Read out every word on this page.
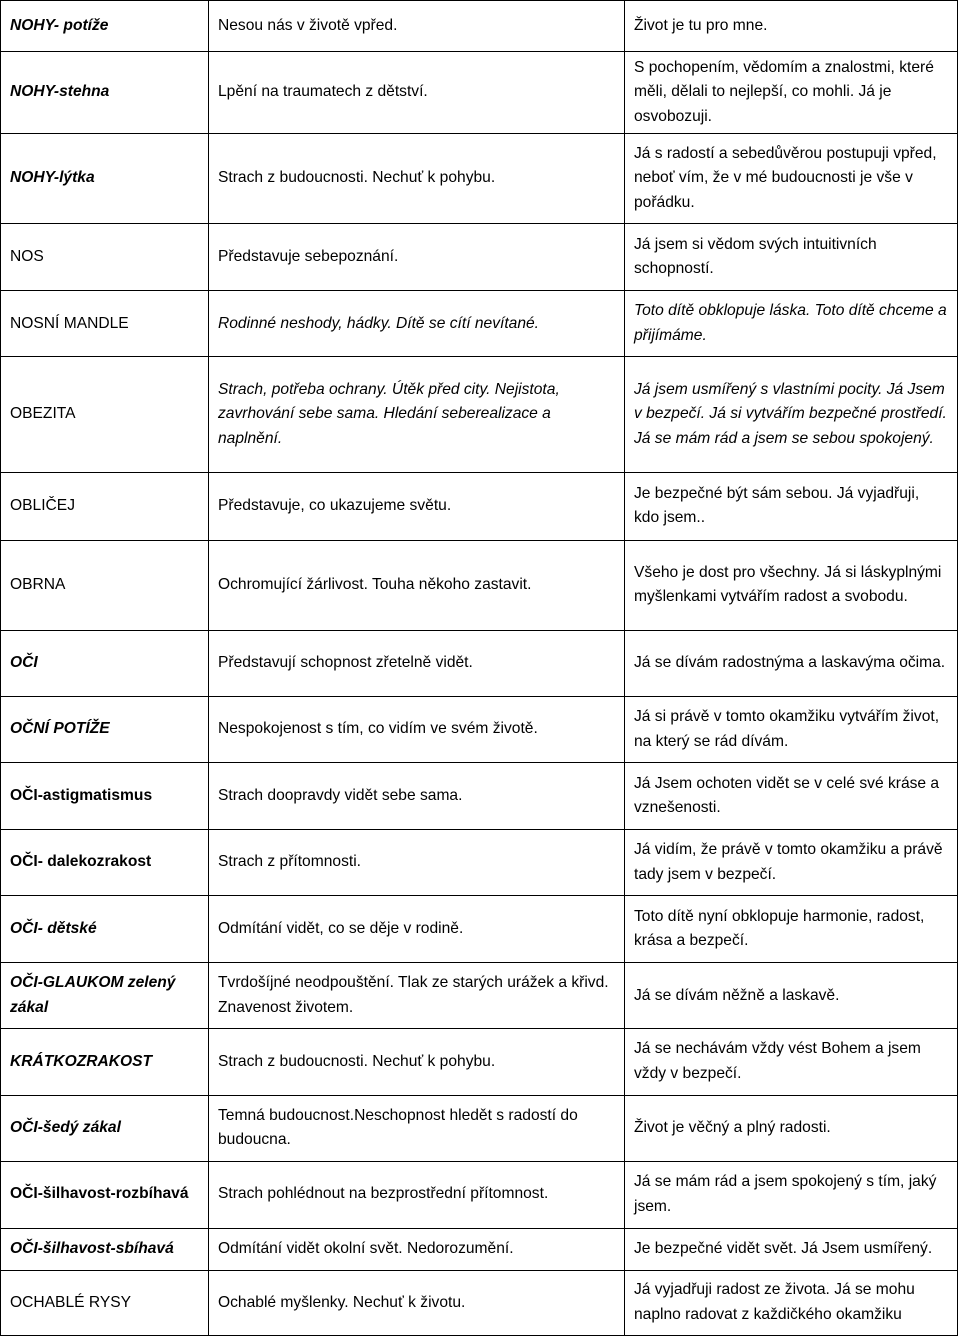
NOHY- potíže	Nesou nás v životě vpřed.	Život je tu pro mne.
NOHY-stehna	Lpění na traumatech z dětství.	S pochopením, vědomím a znalostmi, které měli, dělali to nejlepší, co mohli. Já je osvobozuji.
NOHY-lýtka	Strach z budoucnosti. Nechuť k pohybu.	Já s radostí a sebedůvěrou postupuji vpřed, neboť vím, že v mé budoucnosti je vše v pořádku.
NOS	Představuje sebepoznání.	Já jsem si vědom svých intuitivních schopností.
NOSNÍ MANDLE	Rodinné neshody, hádky. Dítě se cítí nevítané.	Toto dítě obklopuje láska. Toto dítě chceme a přijímáme.
OBEZITA	Strach, potřeba ochrany. Útěk před city. Nejistota, zavrhování sebe sama. Hledání seberealizace a naplnění.	Já jsem usmířený s vlastními pocity. Já Jsem v bezpečí. Já si vytvářím bezpečné prostředí. Já se mám rád a jsem se sebou spokojený.
OBLIČEJ	Představuje, co ukazujeme světu.	Je bezpečné být sám sebou. Já vyjadřuji, kdo jsem..
OBRNA	Ochromující žárlivost. Touha někoho zastavit.	Všeho je dost pro všechny. Já si láskyplnými myšlenkami vytvářím radost a svobodu.
OČI	Představují schopnost zřetelně vidět.	Já se dívám radostnýma a laskavýma očima.
OČNÍ POTÍŽE	Nespokojenost s tím, co vidím ve svém životě.	Já si právě v tomto okamžiku vytvářím život, na který se rád dívám.
OČI-astigmatismus	Strach doopravdy vidět sebe sama.	Já Jsem ochoten vidět se v celé své kráse a vznešenosti.
OČI- dalekozrakost	Strach z přítomnosti.	Já vidím, že právě v tomto okamžiku a právě tady jsem v bezpečí.
OČI- dětské	Odmítání vidět, co se děje v rodině.	Toto dítě nyní obklopuje harmonie, radost, krása a bezpečí.
OČI-GLAUKOM zelený zákal	Tvrdošíjné neodpouštění. Tlak ze starých urážek a křivd. Znavenost životem.	Já se dívám něžně a laskavě.
KRÁTKOZRAKOST	Strach z budoucnosti. Nechuť k pohybu.	Já se nechávám vždy vést Bohem a jsem vždy v bezpečí.
OČI-šedý zákal	Temná budoucnost.Neschopnost hledět s radostí do budoucna.	Život je věčný a plný radosti.
OČI-šilhavost-rozbíhavá	Strach pohlédnout na bezprostřední přítomnost.	Já se mám rád a jsem spokojený s tím, jaký jsem.
OČI-šilhavost-sbíhavá	Odmítání vidět okolní svět. Nedorozumění.	Je bezpečné vidět svět. Já Jsem usmířený.
OCHABLÉ RYSY	Ochablé myšlenky. Nechuť k životu.	Já vyjadřuji radost ze života. Já se mohu naplno radovat z každičkého okamžiku
